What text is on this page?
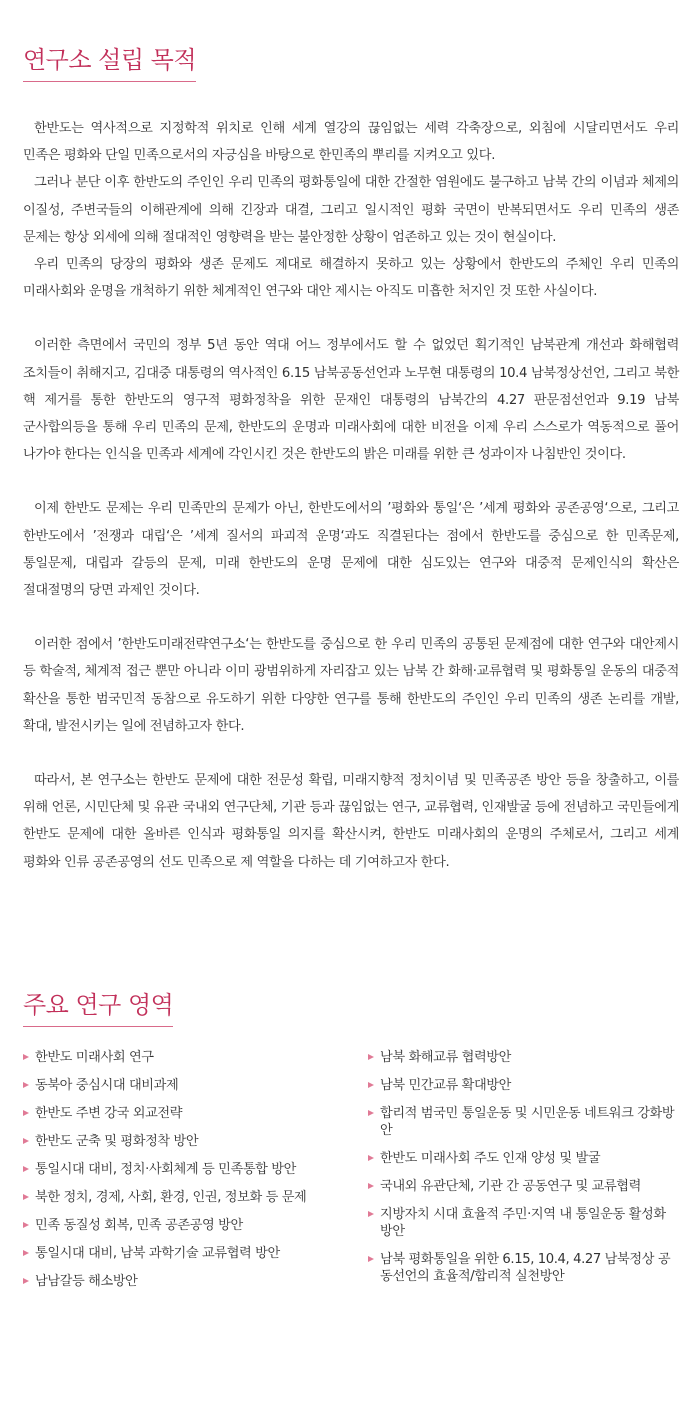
연구소 설립 목적

한반도는 역사적으로 지정학적 위치로 인해 세계 열강의 끊임없는 세력 각축장으로, 외침에 시달리면서도 우리 민족은 평화와 단일 민족으로서의 자긍심을 바탕으로 한민족의 뿌리를 지켜오고 있다.

그러나 분단 이후 한반도의 주인인 우리 민족의 평화통일에 대한 간절한 염원에도 불구하고 남북 간의 이념과 체제의 이질성, 주변국들의 이해관계에 의해 긴장과 대결, 그리고 일시적인 평화 국면이 반복되면서도 우리 민족의 생존 문제는 항상 외세에 의해 절대적인 영향력을 받는 불안정한 상황이 엄존하고 있는 것이 현실이다.

우리 민족의 당장의 평화와 생존 문제도 제대로 해결하지 못하고 있는 상황에서 한반도의 주체인 우리 민족의 미래사회와 운명을 개척하기 위한 체계적인 연구와 대안 제시는 아직도 미흡한 처지인 것 또한 사실이다.

이러한 측면에서 국민의 정부 5년 동안 역대 어느 정부에서도 할 수 없었던 획기적인 남북관계 개선과 화해협력 조치들이 취해지고, 김대중 대통령의 역사적인 6.15 남북공동선언과 노무현 대통령의 10.4 남북정상선언, 그리고 북한 핵 제거를 통한 한반도의 영구적 평화정착을 위한 문재인 대통령의 남북간의 4.27 판문점선언과 9.19 남북 군사합의등을 통해 우리 민족의 문제, 한반도의 운명과 미래사회에 대한 비전을 이제 우리 스스로가 역동적으로 풀어 나가야 한다는 인식을 민족과 세계에 각인시킨 것은 한반도의 밝은 미래를 위한 큰 성과이자 나침반인 것이다.

이제 한반도 문제는 우리 민족만의 문제가 아닌, 한반도에서의 ’평화와 통일‘은 ’세계 평화와 공존공영‘으로, 그리고 한반도에서 ’전쟁과 대립‘은 ’세계 질서의 파괴적 운명‘과도 직결된다는 점에서 한반도를 중심으로 한 민족문제, 통일문제, 대립과 갈등의 문제, 미래 한반도의 운명 문제에 대한 심도있는 연구와 대중적 문제인식의 확산은 절대절명의 당면 과제인 것이다.

이러한 점에서 ’한반도미래전략연구소‘는 한반도를 중심으로 한 우리 민족의 공통된 문제점에 대한 연구와 대안제시 등 학술적, 체계적 접근 뿐만 아니라 이미 광범위하게 자리잡고 있는 남북 간 화해·교류협력 및 평화통일 운동의 대중적 확산을 통한 범국민적 동참으로 유도하기 위한 다양한 연구를 통해 한반도의 주인인 우리 민족의 생존 논리를 개발, 확대, 발전시키는 일에 전념하고자 한다.

따라서, 본 연구소는 한반도 문제에 대한 전문성 확립, 미래지향적 정치이념 및 민족공존 방안 등을 창출하고, 이를 위해 언론, 시민단체 및 유관 국내외 연구단체, 기관 등과 끊임없는 연구, 교류협력, 인재발굴 등에 전념하고 국민들에게 한반도 문제에 대한 올바른 인식과 평화통일 의지를 확산시켜, 한반도 미래사회의 운명의 주체로서, 그리고 세계 평화와 인류 공존공영의 선도 민족으로 제 역할을 다하는 데 기여하고자 한다.

주요 연구 영역
한반도 미래사회 연구
동북아 중심시대 대비과제
한반도 주변 강국 외교전략
한반도 군축 및 평화정착 방안
통일시대 대비, 정치·사회체계 등 민족통합 방안
북한 정치, 경제, 사회, 환경, 인권, 정보화 등 문제
민족 동질성 회복, 민족 공존공영 방안
통일시대 대비, 남북 과학기술 교류협력 방안
남남갈등 해소방안
남북 화해교류 협력방안
남북 민간교류 확대방안
합리적 범국민 통일운동 및 시민운동 네트워크 강화방안
한반도 미래사회 주도 인재 양성 및 발굴
국내외 유관단체, 기관 간 공동연구 및 교류협력
지방자치 시대 효율적 주민·지역 내 통일운동 활성화 방안
남북 평화통일을 위한 6.15, 10.4, 4.27 남북정상 공동선언의 효율적/합리적 실천방안
